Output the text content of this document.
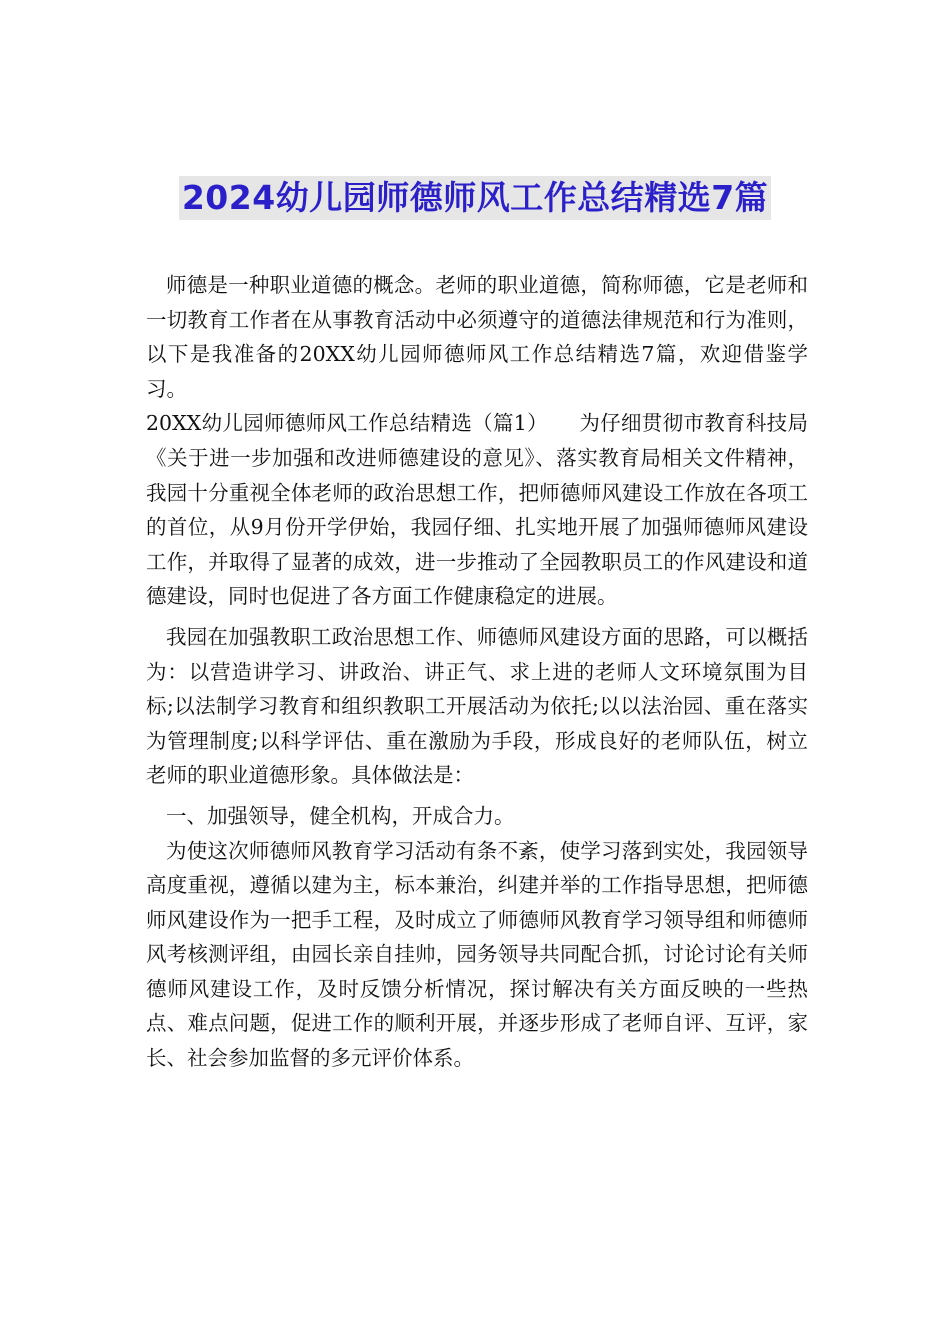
2024幼儿园师德师风工作总结精选7篇

师德是一种职业道德的概念。老师的职业道德，简称师德，它是老师和一切教育工作者在从事教育活动中必须遵守的道德法律规范和行为准则，以下是我准备的20XX幼儿园师德师风工作总结精选7篇，欢迎借鉴学习。

20XX幼儿园师德师风工作总结精选（篇1）　　为仔细贯彻市教育科技局《关于进一步加强和改进师德建设的意见》、落实教育局相关文件精神，我园十分重视全体老师的政治思想工作，把师德师风建设工作放在各项工的首位，从9月份开学伊始，我园仔细、扎实地开展了加强师德师风建设工作，并取得了显著的成效，进一步推动了全园教职员工的作风建设和道德建设，同时也促进了各方面工作健康稳定的进展。

我园在加强教职工政治思想工作、师德师风建设方面的思路，可以概括为：以营造讲学习、讲政治、讲正气、求上进的老师人文环境氛围为目标;以法制学习教育和组织教职工开展活动为依托;以以法治园、重在落实为管理制度;以科学评估、重在激励为手段，形成良好的老师队伍，树立老师的职业道德形象。具体做法是：

一、加强领导，健全机构，开成合力。

为使这次师德师风教育学习活动有条不紊，使学习落到实处，我园领导高度重视，遵循以建为主，标本兼治，纠建并举的工作指导思想，把师德师风建设作为一把手工程，及时成立了师德师风教育学习领导组和师德师风考核测评组，由园长亲自挂帅，园务领导共同配合抓，讨论讨论有关师德师风建设工作，及时反馈分析情况，探讨解决有关方面反映的一些热点、难点问题，促进工作的顺利开展，并逐步形成了老师自评、互评，家长、社会参加监督的多元评价体系。
